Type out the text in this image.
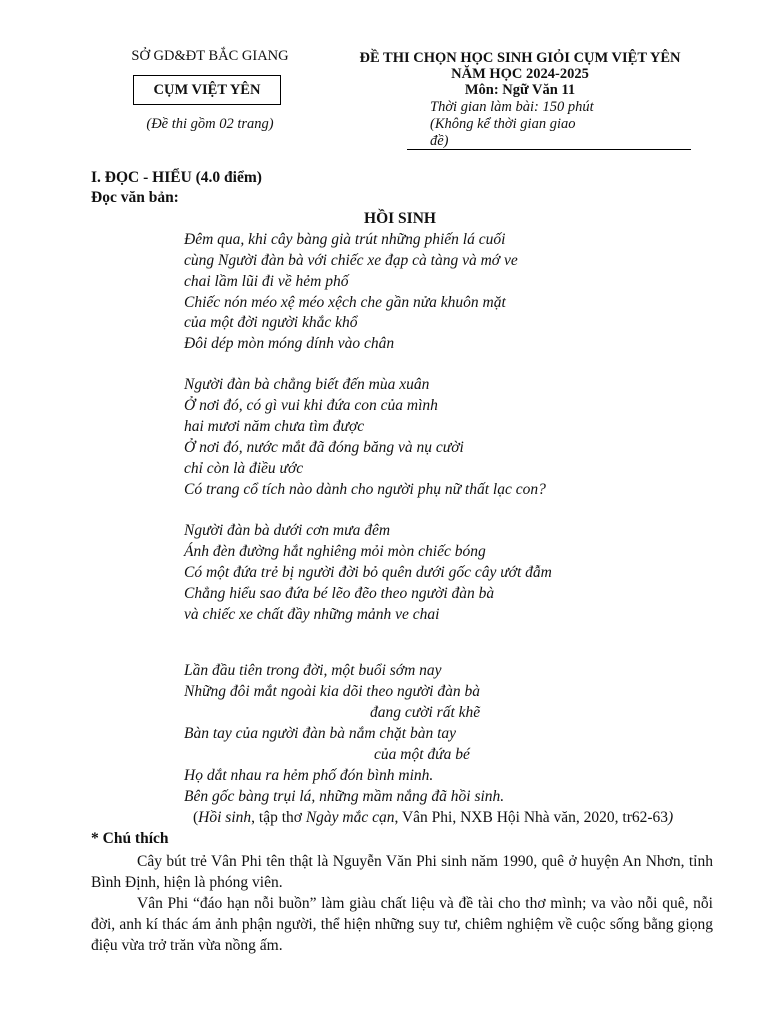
SỞ GD&ĐT BẮC GIANG
CỤM VIỆT YÊN
(Đề thi gồm 02 trang)
ĐỀ THI CHỌN HỌC SINH GIỎI CỤM VIỆT YÊN
NĂM HỌC 2024-2025
Môn: Ngữ Văn 11
Thời gian làm bài: 150 phút
(Không kể thời gian giao
đề)
I. ĐỌC - HIỂU (4.0 điểm)
Đọc văn bản:
HỒI SINH
Đêm qua, khi cây bàng già trút những phiến lá cuối
cùng Người đàn bà với chiếc xe đạp cà tàng và mớ ve
chai lầm lũi đi về hẻm phố
Chiếc nón méo xệ méo xệch che gần nửa khuôn mặt
của một đời người khắc khổ
Đôi dép mòn móng dính vào chân
Người đàn bà chẳng biết đến mùa xuân
Ở nơi đó, có gì vui khi đứa con của mình
hai mươi năm chưa tìm được
Ở nơi đó, nước mắt đã đóng băng và nụ cười
chỉ còn là điều ước
Có trang cổ tích nào dành cho người phụ nữ thất lạc con?
Người đàn bà dưới cơn mưa đêm
Ánh đèn đường hắt nghiêng mỏi mòn chiếc bóng
Có một đứa trẻ bị người đời bỏ quên dưới gốc cây ướt đẫm
Chẳng hiểu sao đứa bé lẽo đẽo theo người đàn bà
và chiếc xe chất đầy những mảnh ve chai
Lần đầu tiên trong đời, một buổi sớm nay
Những đôi mắt ngoài kia dõi theo người đàn bà
đang cười rất khẽ
Bàn tay của người đàn bà nắm chặt bàn tay
của một đứa bé
Họ dắt nhau ra hẻm phố đón bình minh.
Bên gốc bàng trụi lá, những mầm nắng đã hồi sinh.
(Hồi sinh, tập thơ Ngày mắc cạn, Vân Phi, NXB Hội Nhà văn, 2020, tr62-63)
* Chú thích
Cây bút trẻ Vân Phi tên thật là Nguyễn Văn Phi sinh năm 1990, quê ở huyện An Nhơn, tỉnh Bình Định, hiện là phóng viên.
Vân Phi “đáo hạn nỗi buồn” làm giàu chất liệu và đề tài cho thơ mình; va vào nỗi quê, nỗi đời, anh kí thác ám ảnh phận người, thể hiện những suy tư, chiêm nghiệm về cuộc sống bằng giọng điệu vừa trở trăn vừa nồng ấm.
